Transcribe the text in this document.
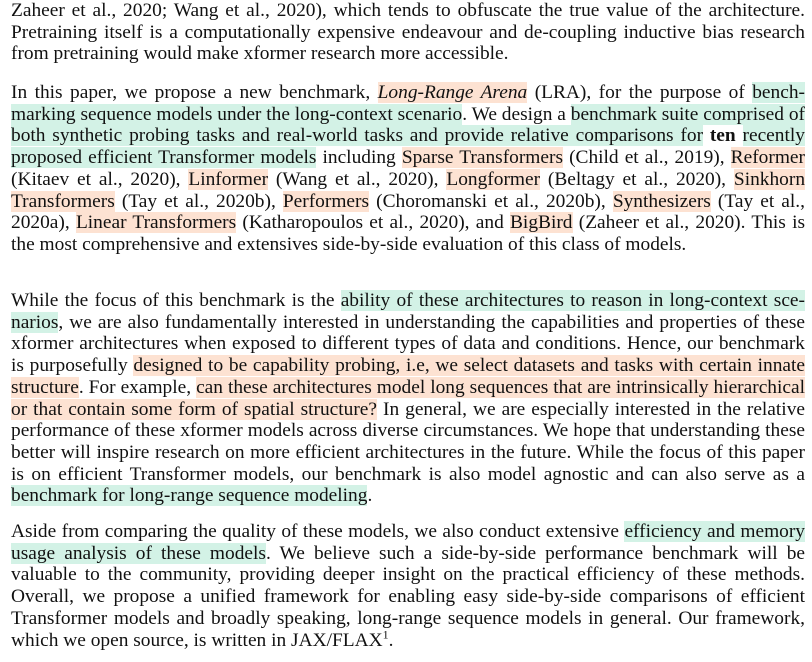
Zaheer et al., 2020; Wang et al., 2020), which tends to obfuscate the true value of the architecture. Pretraining itself is a computationally expensive endeavour and de-coupling inductive bias research from pretraining would make xformer research more accessible.

In this paper, we propose a new benchmark, Long-Range Arena (LRA), for the purpose of benchmarking sequence models under the long-context scenario. We design a benchmark suite comprised of both synthetic probing tasks and real-world tasks and provide relative comparisons for ten recently proposed efficient Transformer models including Sparse Transformers (Child et al., 2019), Reformer (Kitaev et al., 2020), Linformer (Wang et al., 2020), Longformer (Beltagy et al., 2020), Sinkhorn Transformers (Tay et al., 2020b), Performers (Choromanski et al., 2020b), Synthesizers (Tay et al., 2020a), Linear Transformers (Katharopoulos et al., 2020), and BigBird (Zaheer et al., 2020). This is the most comprehensive and extensives side-by-side evaluation of this class of models.

While the focus of this benchmark is the ability of these architectures to reason in long-context scenarios, we are also fundamentally interested in understanding the capabilities and properties of these xformer architectures when exposed to different types of data and conditions. Hence, our benchmark is purposefully designed to be capability probing, i.e, we select datasets and tasks with certain innate structure. For example, can these architectures model long sequences that are intrinsically hierarchical or that contain some form of spatial structure? In general, we are especially interested in the relative performance of these xformer models across diverse circumstances. We hope that understanding these better will inspire research on more efficient architectures in the future. While the focus of this paper is on efficient Transformer models, our benchmark is also model agnostic and can also serve as a benchmark for long-range sequence modeling.

Aside from comparing the quality of these models, we also conduct extensive efficiency and memory usage analysis of these models. We believe such a side-by-side performance benchmark will be valuable to the community, providing deeper insight on the practical efficiency of these methods. Overall, we propose a unified framework for enabling easy side-by-side comparisons of efficient Transformer models and broadly speaking, long-range sequence models in general. Our framework, which we open source, is written in JAX/FLAX$^1$.
